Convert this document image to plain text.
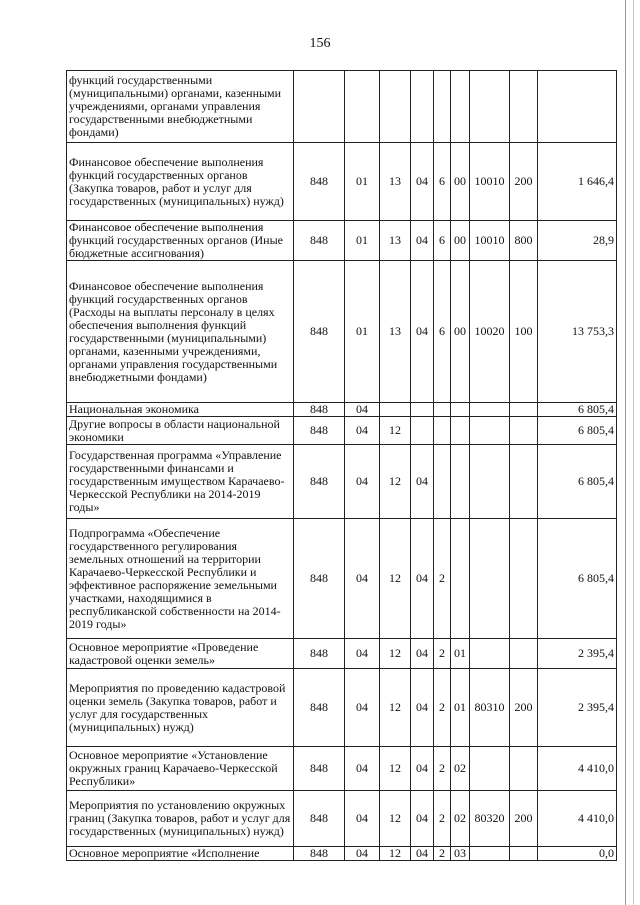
156
функций государственными (муниципальными) органами, казенными учреждениями, органами управления государственными внебюджетными фондами)									
Финансовое обеспечение выполнения функций государственных органов (Закупка товаров, работ и услуг для государственных (муниципальных) нужд)	848	01	13	04	6	00	10010	200	1 646,4
Финансовое обеспечение выполнения функций государственных органов (Иные бюджетные ассигнования)	848	01	13	04	6	00	10010	800	28,9
Финансовое обеспечение выполнения функций государственных органов (Расходы на выплаты персоналу в целях обеспечения выполнения функций государственными (муниципальными) органами, казенными учреждениями, органами управления государственными внебюджетными фондами)	848	01	13	04	6	00	10020	100	13 753,3
Национальная экономика	848	04							6 805,4
Другие вопросы в области национальной экономики	848	04	12						6 805,4
Государственная программа «Управление государственными финансами и государственным имуществом Карачаево-Черкесской Республики на 2014-2019 годы»	848	04	12	04					6 805,4
Подпрограмма «Обеспечение государственного регулирования земельных отношений на территории Карачаево-Черкесской Республики и эффективное распоряжение земельными участками, находящимися в республиканской собственности на 2014-2019 годы»	848	04	12	04	2				6 805,4
Основное мероприятие «Проведение кадастровой оценки земель»	848	04	12	04	2	01			2 395,4
Мероприятия по проведению кадастровой оценки земель (Закупка товаров, работ и услуг для государственных (муниципальных) нужд)	848	04	12	04	2	01	80310	200	2 395,4
Основное мероприятие «Установление окружных границ Карачаево-Черкесской Республики»	848	04	12	04	2	02			4 410,0
Мероприятия по установлению окружных границ (Закупка товаров, работ и услуг для государственных (муниципальных) нужд)	848	04	12	04	2	02	80320	200	4 410,0
Основное мероприятие «Исполнение	848	04	12	04	2	03			0,0
